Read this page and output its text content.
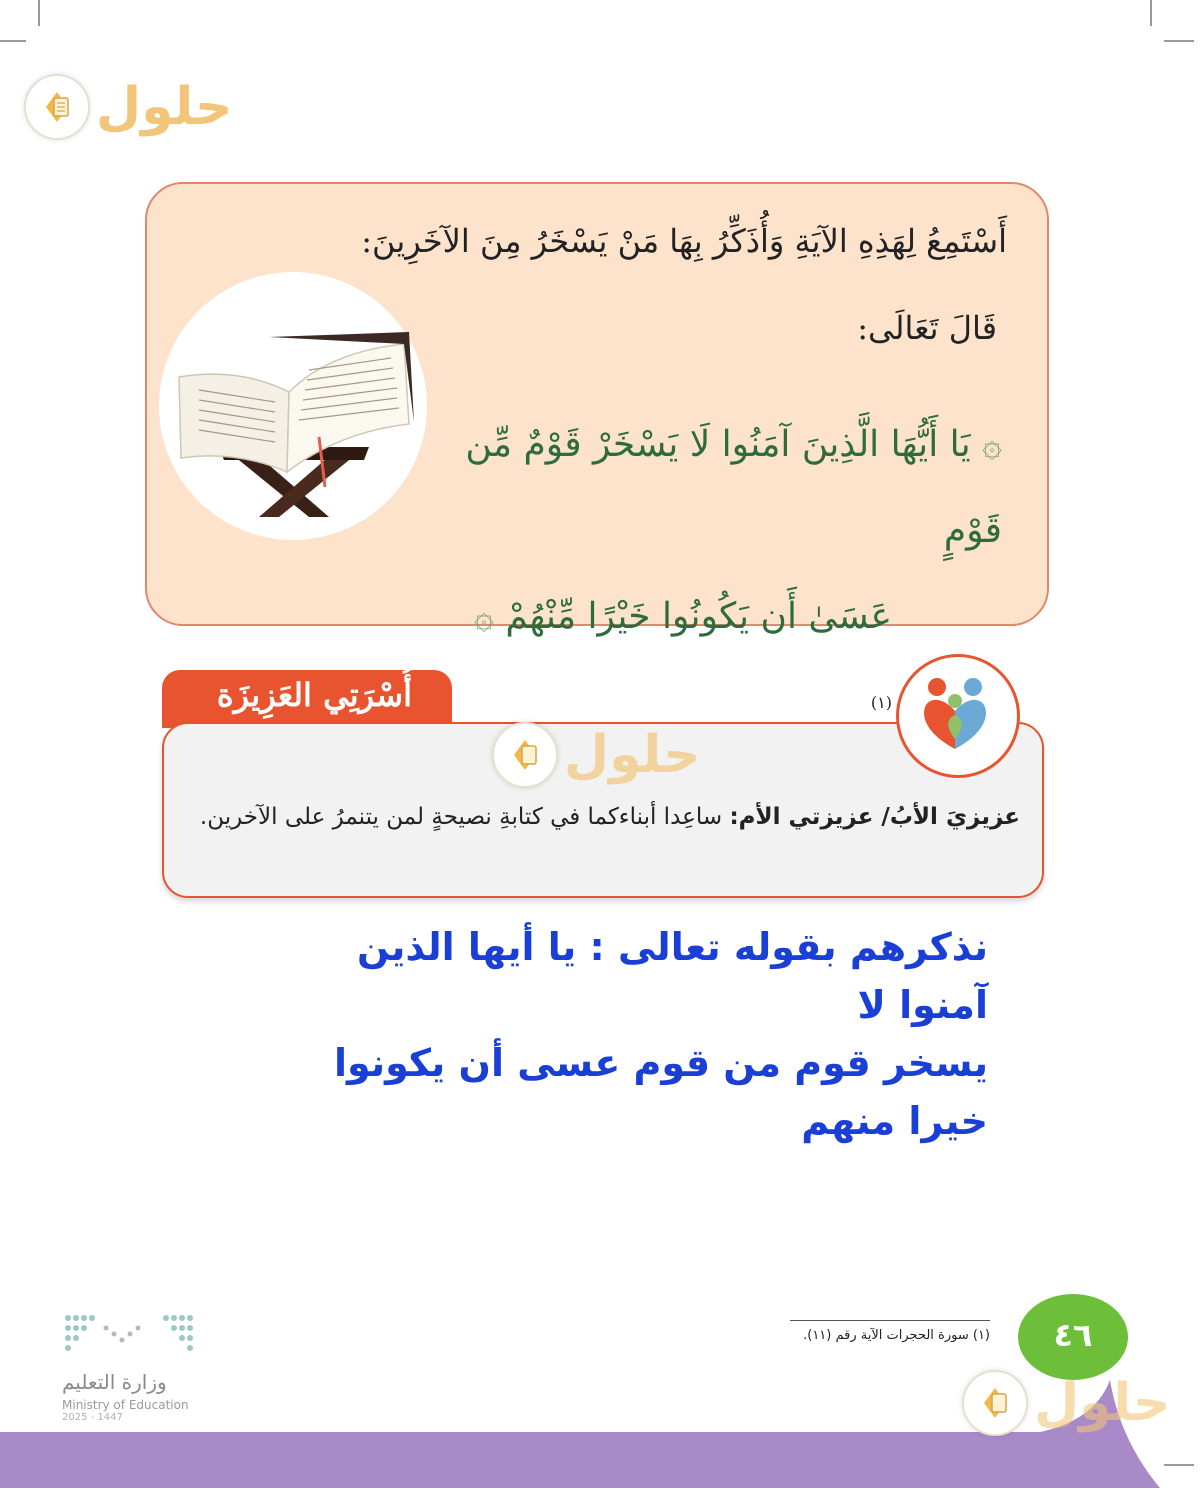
حلول
أَسْتَمِعُ لِهَذِهِ الآيَةِ وَأُذَكِّرُ بِهَا مَنْ يَسْخَرُ مِنَ الآخَرِينَ:
قَالَ تَعَالَى:
۞ يَا أَيُّهَا الَّذِينَ آمَنُوا لَا يَسْخَرْ قَوْمٌ مِّن قَوْمٍ
عَسَىٰ أَن يَكُونُوا خَيْرًا مِّنْهُمْ ۞ $^{(١)}$
أُسْرَتِي العَزِيزَة
عزيزيَ الأبُ/ عزيزتي الأم: ساعِدا أبناءكما في كتابةِ نصيحةٍ لمن يتنمرُ على الآخرين.
حلول
نذكرهم بقوله تعالى : يا أيها الذين آمنوا لا
يسخر قوم من قوم عسى أن يكونوا خيرا منهم
(١) سورة الحجرات الآية رقم (١١).	٤٦
حلول
وزارة التعليم
Ministry of Education
2025 - 1447
